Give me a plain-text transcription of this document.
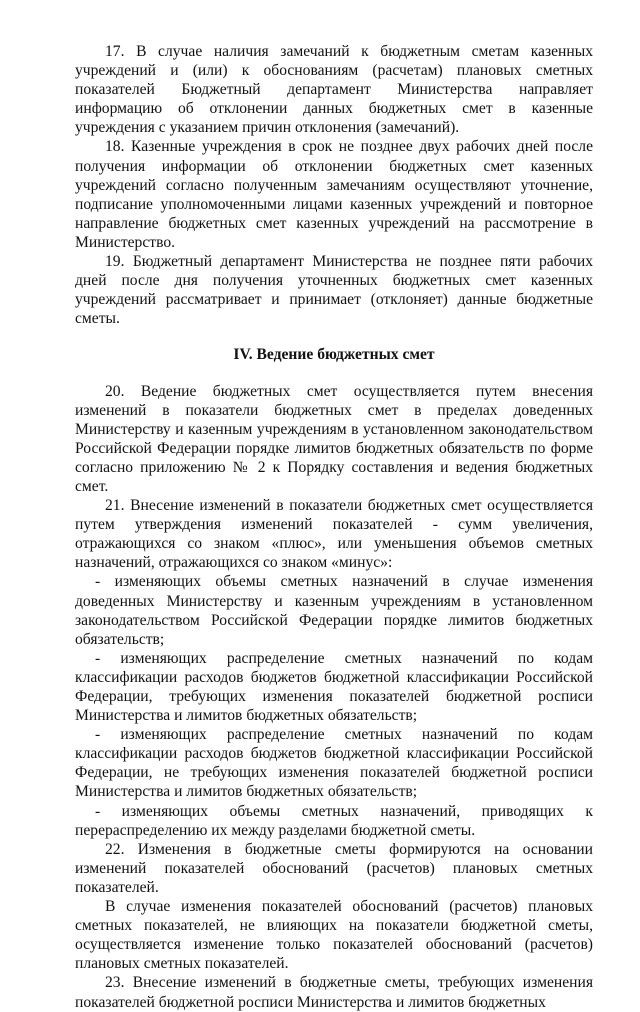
17. В случае наличия замечаний к бюджетным сметам казенных учреждений и (или) к обоснованиям (расчетам) плановых сметных показателей Бюджетный департамент Министерства направляет информацию об отклонении данных бюджетных смет в казенные учреждения с указанием причин отклонения (замечаний).

18. Казенные учреждения в срок не позднее двух рабочих дней после получения информации об отклонении бюджетных смет казенных учреждений согласно полученным замечаниям осуществляют уточнение, подписание уполномоченными лицами казенных учреждений и повторное направление бюджетных смет казенных учреждений на рассмотрение в Министерство.

19. Бюджетный департамент Министерства не позднее пяти рабочих дней после дня получения уточненных бюджетных смет казенных учреждений рассматривает и принимает (отклоняет) данные бюджетные сметы.

IV. Ведение бюджетных смет

20. Ведение бюджетных смет осуществляется путем внесения изменений в показатели бюджетных смет в пределах доведенных Министерству и казенным учреждениям в установленном законодательством Российской Федерации порядке лимитов бюджетных обязательств по форме согласно приложению № 2 к Порядку составления и ведения бюджетных смет.

21. Внесение изменений в показатели бюджетных смет осуществляется путем утверждения изменений показателей - сумм увеличения, отражающихся со знаком «плюс», или уменьшения объемов сметных назначений, отражающихся со знаком «минус»:

- изменяющих объемы сметных назначений в случае изменения доведенных Министерству и казенным учреждениям в установленном законодательством Российской Федерации порядке лимитов бюджетных обязательств;

- изменяющих распределение сметных назначений по кодам классификации расходов бюджетов бюджетной классификации Российской Федерации, требующих изменения показателей бюджетной росписи Министерства и лимитов бюджетных обязательств;

- изменяющих распределение сметных назначений по кодам классификации расходов бюджетов бюджетной классификации Российской Федерации, не требующих изменения показателей бюджетной росписи Министерства и лимитов бюджетных обязательств;

- изменяющих объемы сметных назначений, приводящих к перераспределению их между разделами бюджетной сметы.

22. Изменения в бюджетные сметы формируются на основании изменений показателей обоснований (расчетов) плановых сметных показателей.

В случае изменения показателей обоснований (расчетов) плановых сметных показателей, не влияющих на показатели бюджетной сметы, осуществляется изменение только показателей обоснований (расчетов) плановых сметных показателей.

23. Внесение изменений в бюджетные сметы, требующих изменения показателей бюджетной росписи Министерства и лимитов бюджетных
